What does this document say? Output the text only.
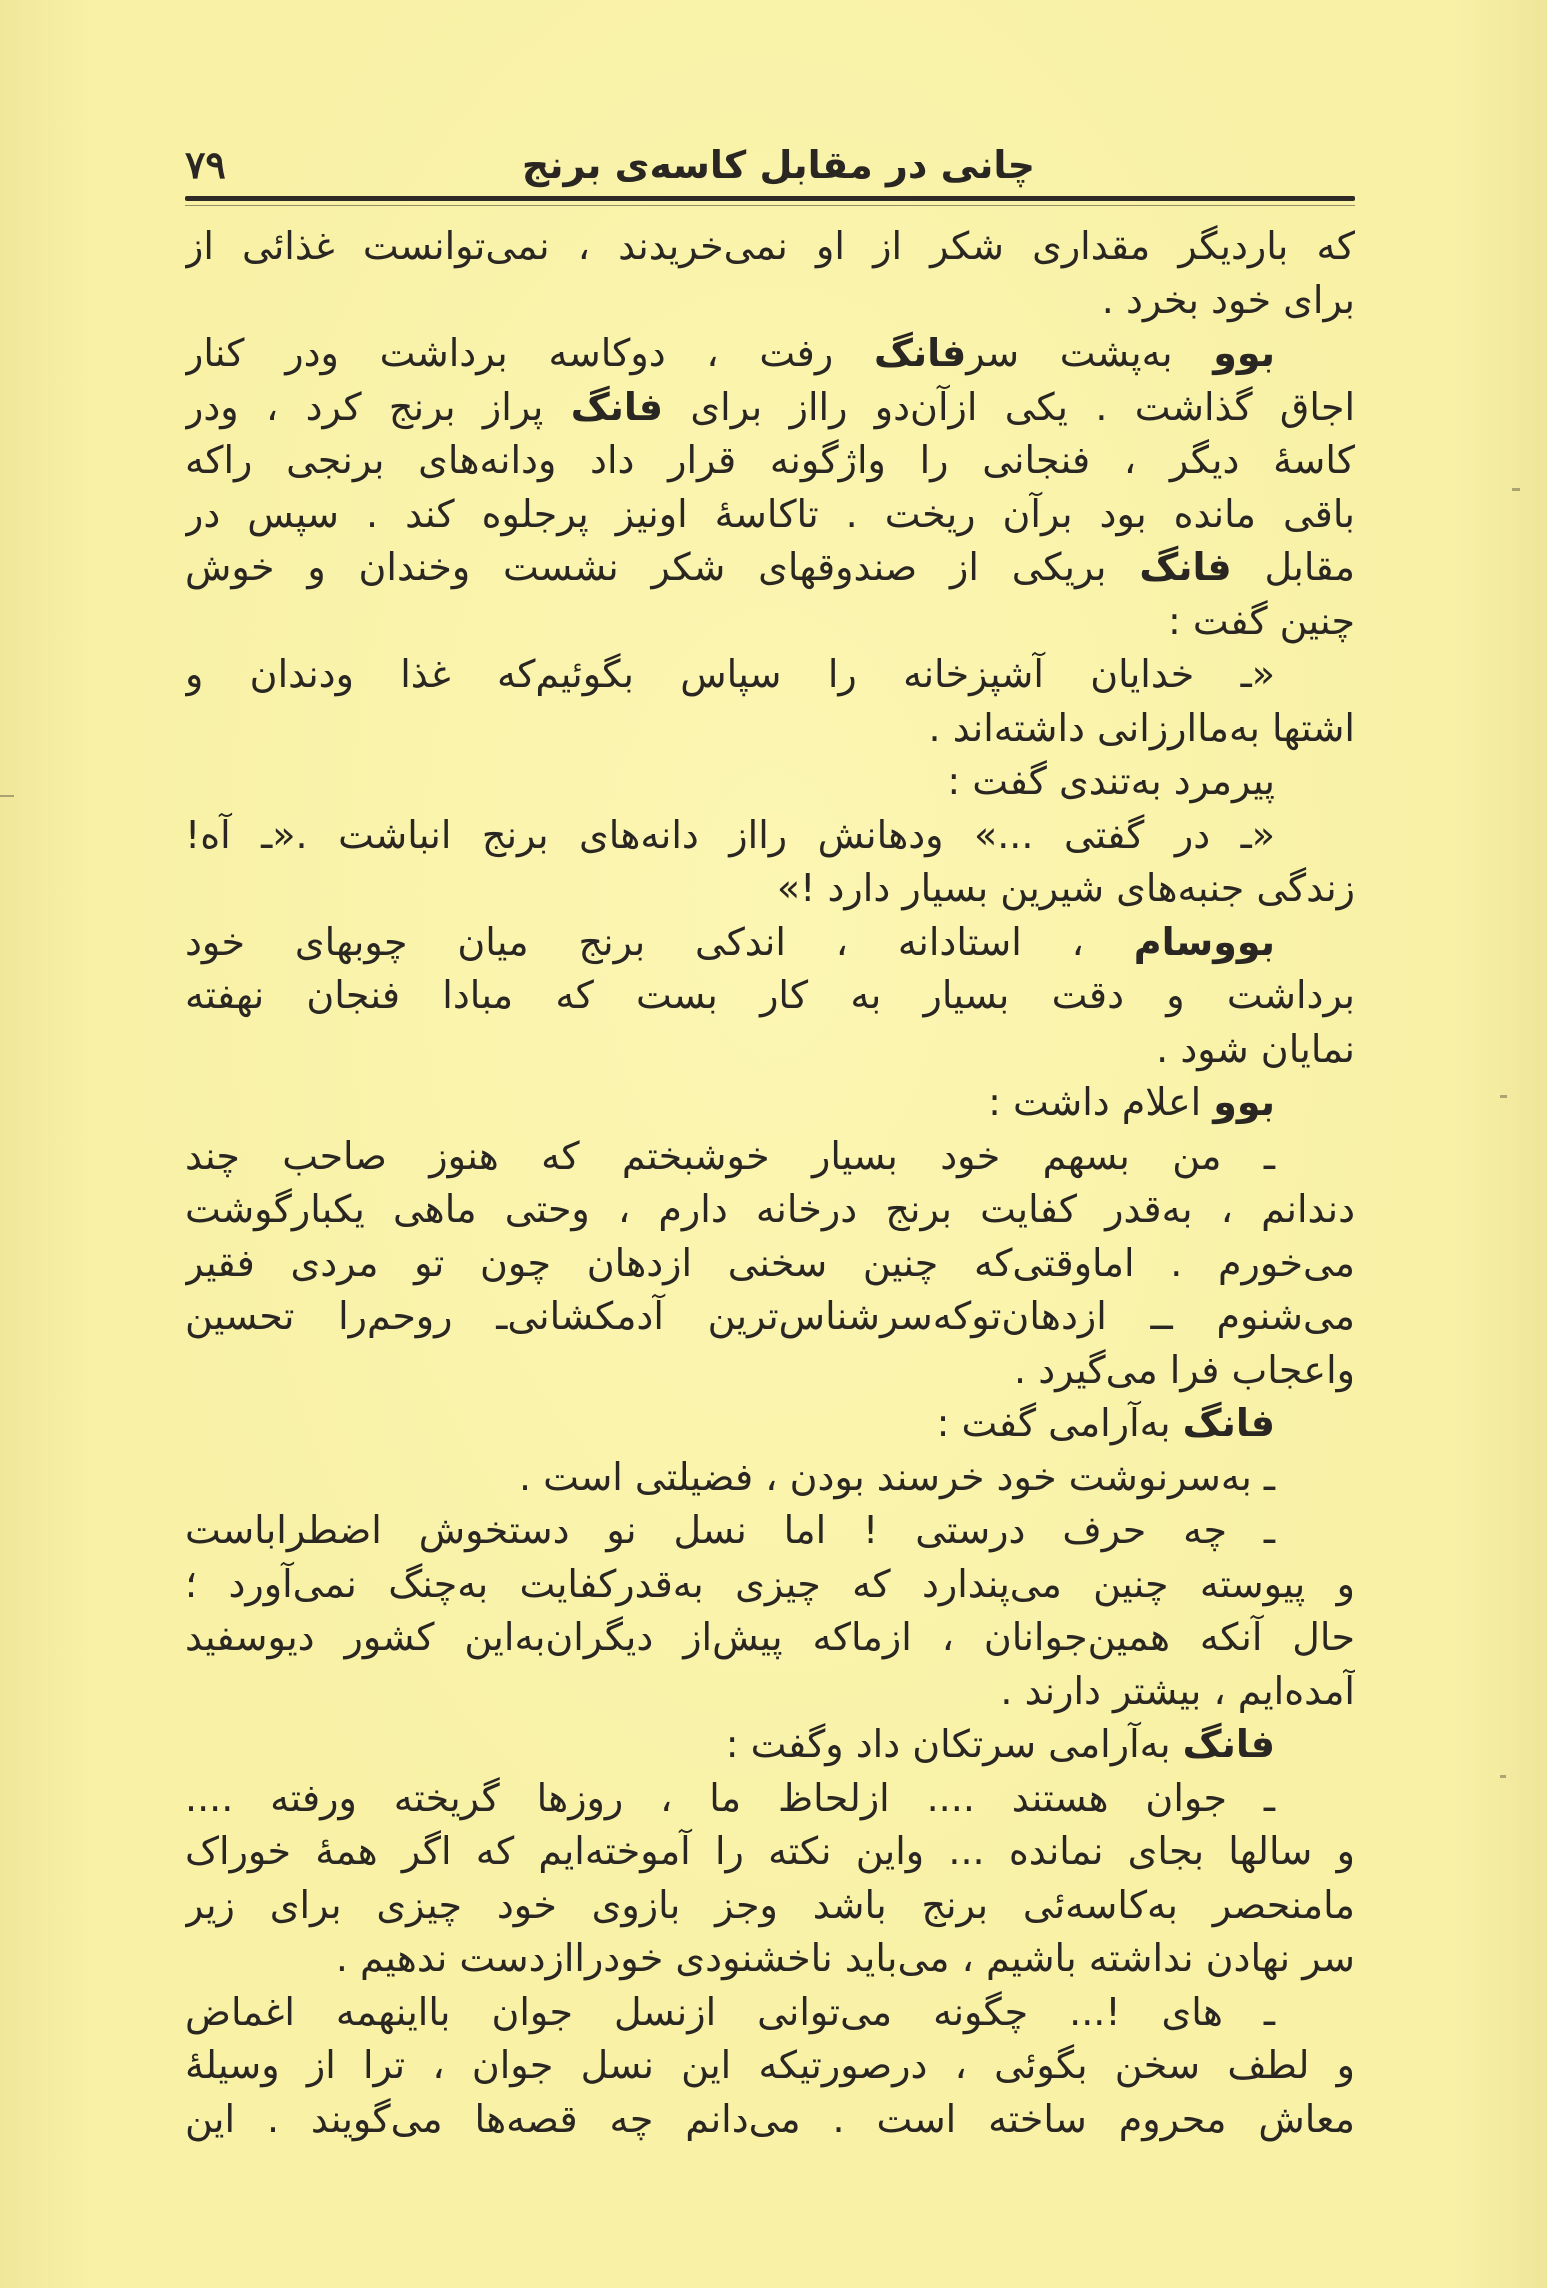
۷۹	چانی در مقابل کاسه‌ی برنج
که باردیگر مقداری شکر از او نمی‌خریدند ، نمی‌توانست غذائی از
برای خود بخرد .
بوو به‌پشت سرفانگ رفت ، دوکاسه برداشت ودر کنار
اجاق گذاشت . یکی ازآن‌دو رااز برای فانگ پراز برنج کرد ، ودر
کاسهٔ دیگر ، فنجانی را واژگونه قرار داد ودانه‌های برنجی راکه
باقی مانده بود برآن ریخت . تاکاسهٔ اونیز پرجلوه کند . سپس در
مقابل فانگ بریکی از صندوقهای شکر نشست وخندان و خوش
چنین گفت :
«ـ خدایان آشپزخانه را سپاس بگوئیم‌که غذا ودندان و
اشتها به‌ماارزانی داشته‌اند .
پیرمرد به‌تندی گفت :
«ـ در گفتی ...» ودهانش رااز دانه‌های برنج انباشت .«ـ آه!
زندگی جنبه‌های شیرین بسیار دارد !»
بووسام ، استادانه ، اندکی برنج میان چوبهای خود
برداشت و دقت بسیار به کار بست که مبادا فنجان نهفته
نمایان شود .
بوو اعلام داشت :
ـ من بسهم خود بسیار خوشبختم که هنوز صاحب چند
دندانم ، به‌قدر کفایت برنج درخانه دارم ، وحتی ماهی یکبارگوشت
می‌خورم . اماوقتی‌که چنین سخنی ازدهان چون تو مردی فقیر
می‌شنوم ــ ازدهان‌توکه‌سرشناس‌ترین آدمکشانی‌ـ روحم‌را تحسین
واعجاب فرا می‌گیرد .
فانگ به‌آرامی گفت :
ـ به‌سرنوشت خود خرسند بودن ، فضیلتی است .
ـ چه حرف درستی ! اما نسل نو دستخوش اضطراباست
و پیوسته چنین می‌پندارد که چیزی به‌قدرکفایت به‌چنگ نمی‌آورد ؛
حال آنکه همین‌جوانان ، ازماکه پیش‌از دیگران‌به‌این کشور دیوسفید
آمده‌ایم ، بیشتر دارند .
فانگ به‌آرامی سرتکان داد وگفت :
ـ جوان هستند .... ازلحاظ ما ، روزها گریخته ورفته ....
و سالها بجای نمانده ... واین نکته را آموخته‌ایم که اگر همهٔ خوراک
مامنحصر به‌کاسه‌ئی برنج باشد وجز بازوی خود چیزی برای زیر
سر نهادن نداشته باشیم ، می‌باید ناخشنودی خودرااز‌دست ندهیم .
ـ های !... چگونه می‌توانی ازنسل جوان بااینهمه اغماض
و لطف سخن بگوئی ، درصورتیکه این نسل جوان ، ترا از وسیلهٔ
معاش محروم ساخته است . می‌دانم چه قصه‌ها می‌گویند . این
